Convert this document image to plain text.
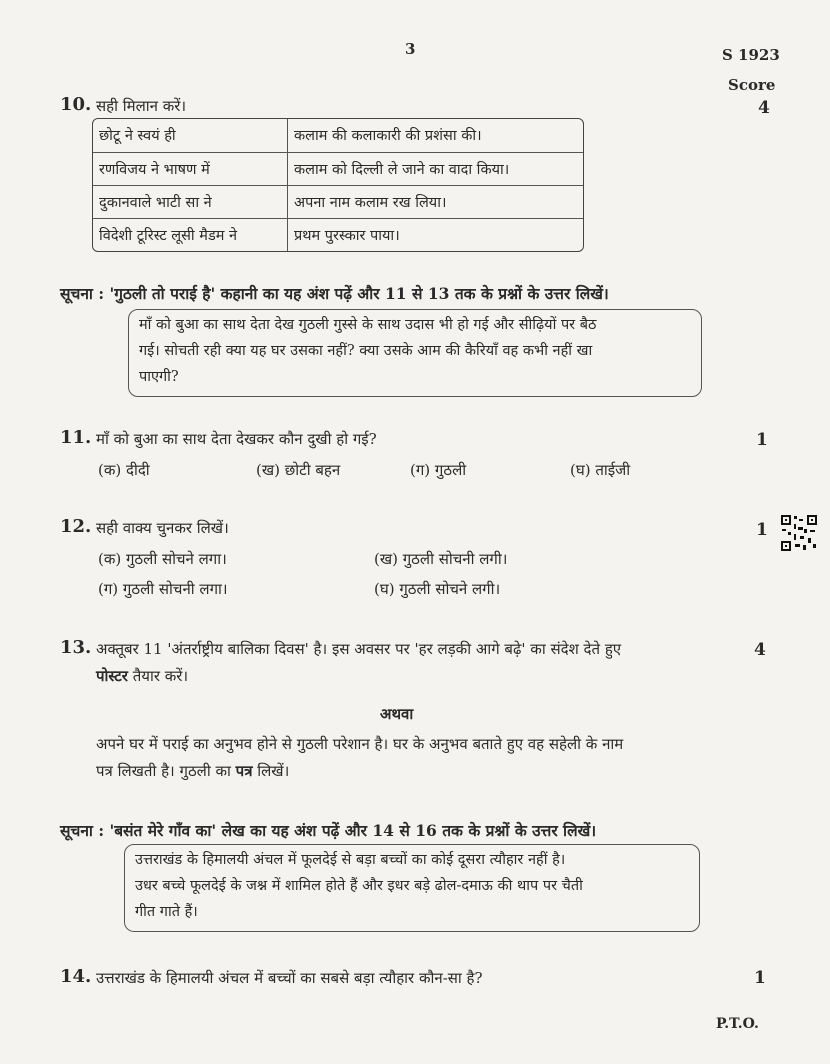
3	S 1923
Score
10. सही मिलान करें।	4
छोटू ने स्वयं ही	कलाम की कलाकारी की प्रशंसा की।
रणविजय ने भाषण में	कलाम को दिल्ली ले जाने का वादा किया।
दुकानवाले भाटी सा ने	अपना नाम कलाम रख लिया।
विदेशी टूरिस्ट लूसी मैडम ने	प्रथम पुरस्कार पाया।
सूचना : 'गुठली तो पराई है' कहानी का यह अंश पढ़ें और 11 से 13 तक के प्रश्नों के उत्तर लिखें।
माँ को बुआ का साथ देता देख गुठली गुस्से के साथ उदास भी हो गई और सीढ़ियों पर बैठ
गई। सोचती रही क्या यह घर उसका नहीं? क्या उसके आम की कैरियाँ वह कभी नहीं खा
पाएगी?
11. माँ को बुआ का साथ देता देखकर कौन दुखी हो गई?	1
(क) दीदी	(ख) छोटी बहन	(ग) गुठली	(घ) ताईजी
12. सही वाक्य चुनकर लिखें।	1
(क) गुठली सोचने लगा।	(ख) गुठली सोचनी लगी।
(ग) गुठली सोचनी लगा।	(घ) गुठली सोचने लगी।
13. अक्तूबर 11 'अंतर्राष्ट्रीय बालिका दिवस' है। इस अवसर पर 'हर लड़की आगे बढ़े' का संदेश देते हुए	4
पोस्टर तैयार करें।
अथवा
अपने घर में पराई का अनुभव होने से गुठली परेशान है। घर के अनुभव बताते हुए वह सहेली के नाम
पत्र लिखती है। गुठली का पत्र लिखें।
सूचना : 'बसंत मेरे गाँव का' लेख का यह अंश पढ़ें और 14 से 16 तक के प्रश्नों के उत्तर लिखें।
उत्तराखंड के हिमालयी अंचल में फूलदेई से बड़ा बच्चों का कोई दूसरा त्यौहार नहीं है।
उधर बच्चे फूलदेई के जश्न में शामिल होते हैं और इधर बड़े ढोल-दमाऊ की थाप पर चैती
गीत गाते हैं।
14. उत्तराखंड के हिमालयी अंचल में बच्चों का सबसे बड़ा त्यौहार कौन-सा है?	1
P.T.O.
